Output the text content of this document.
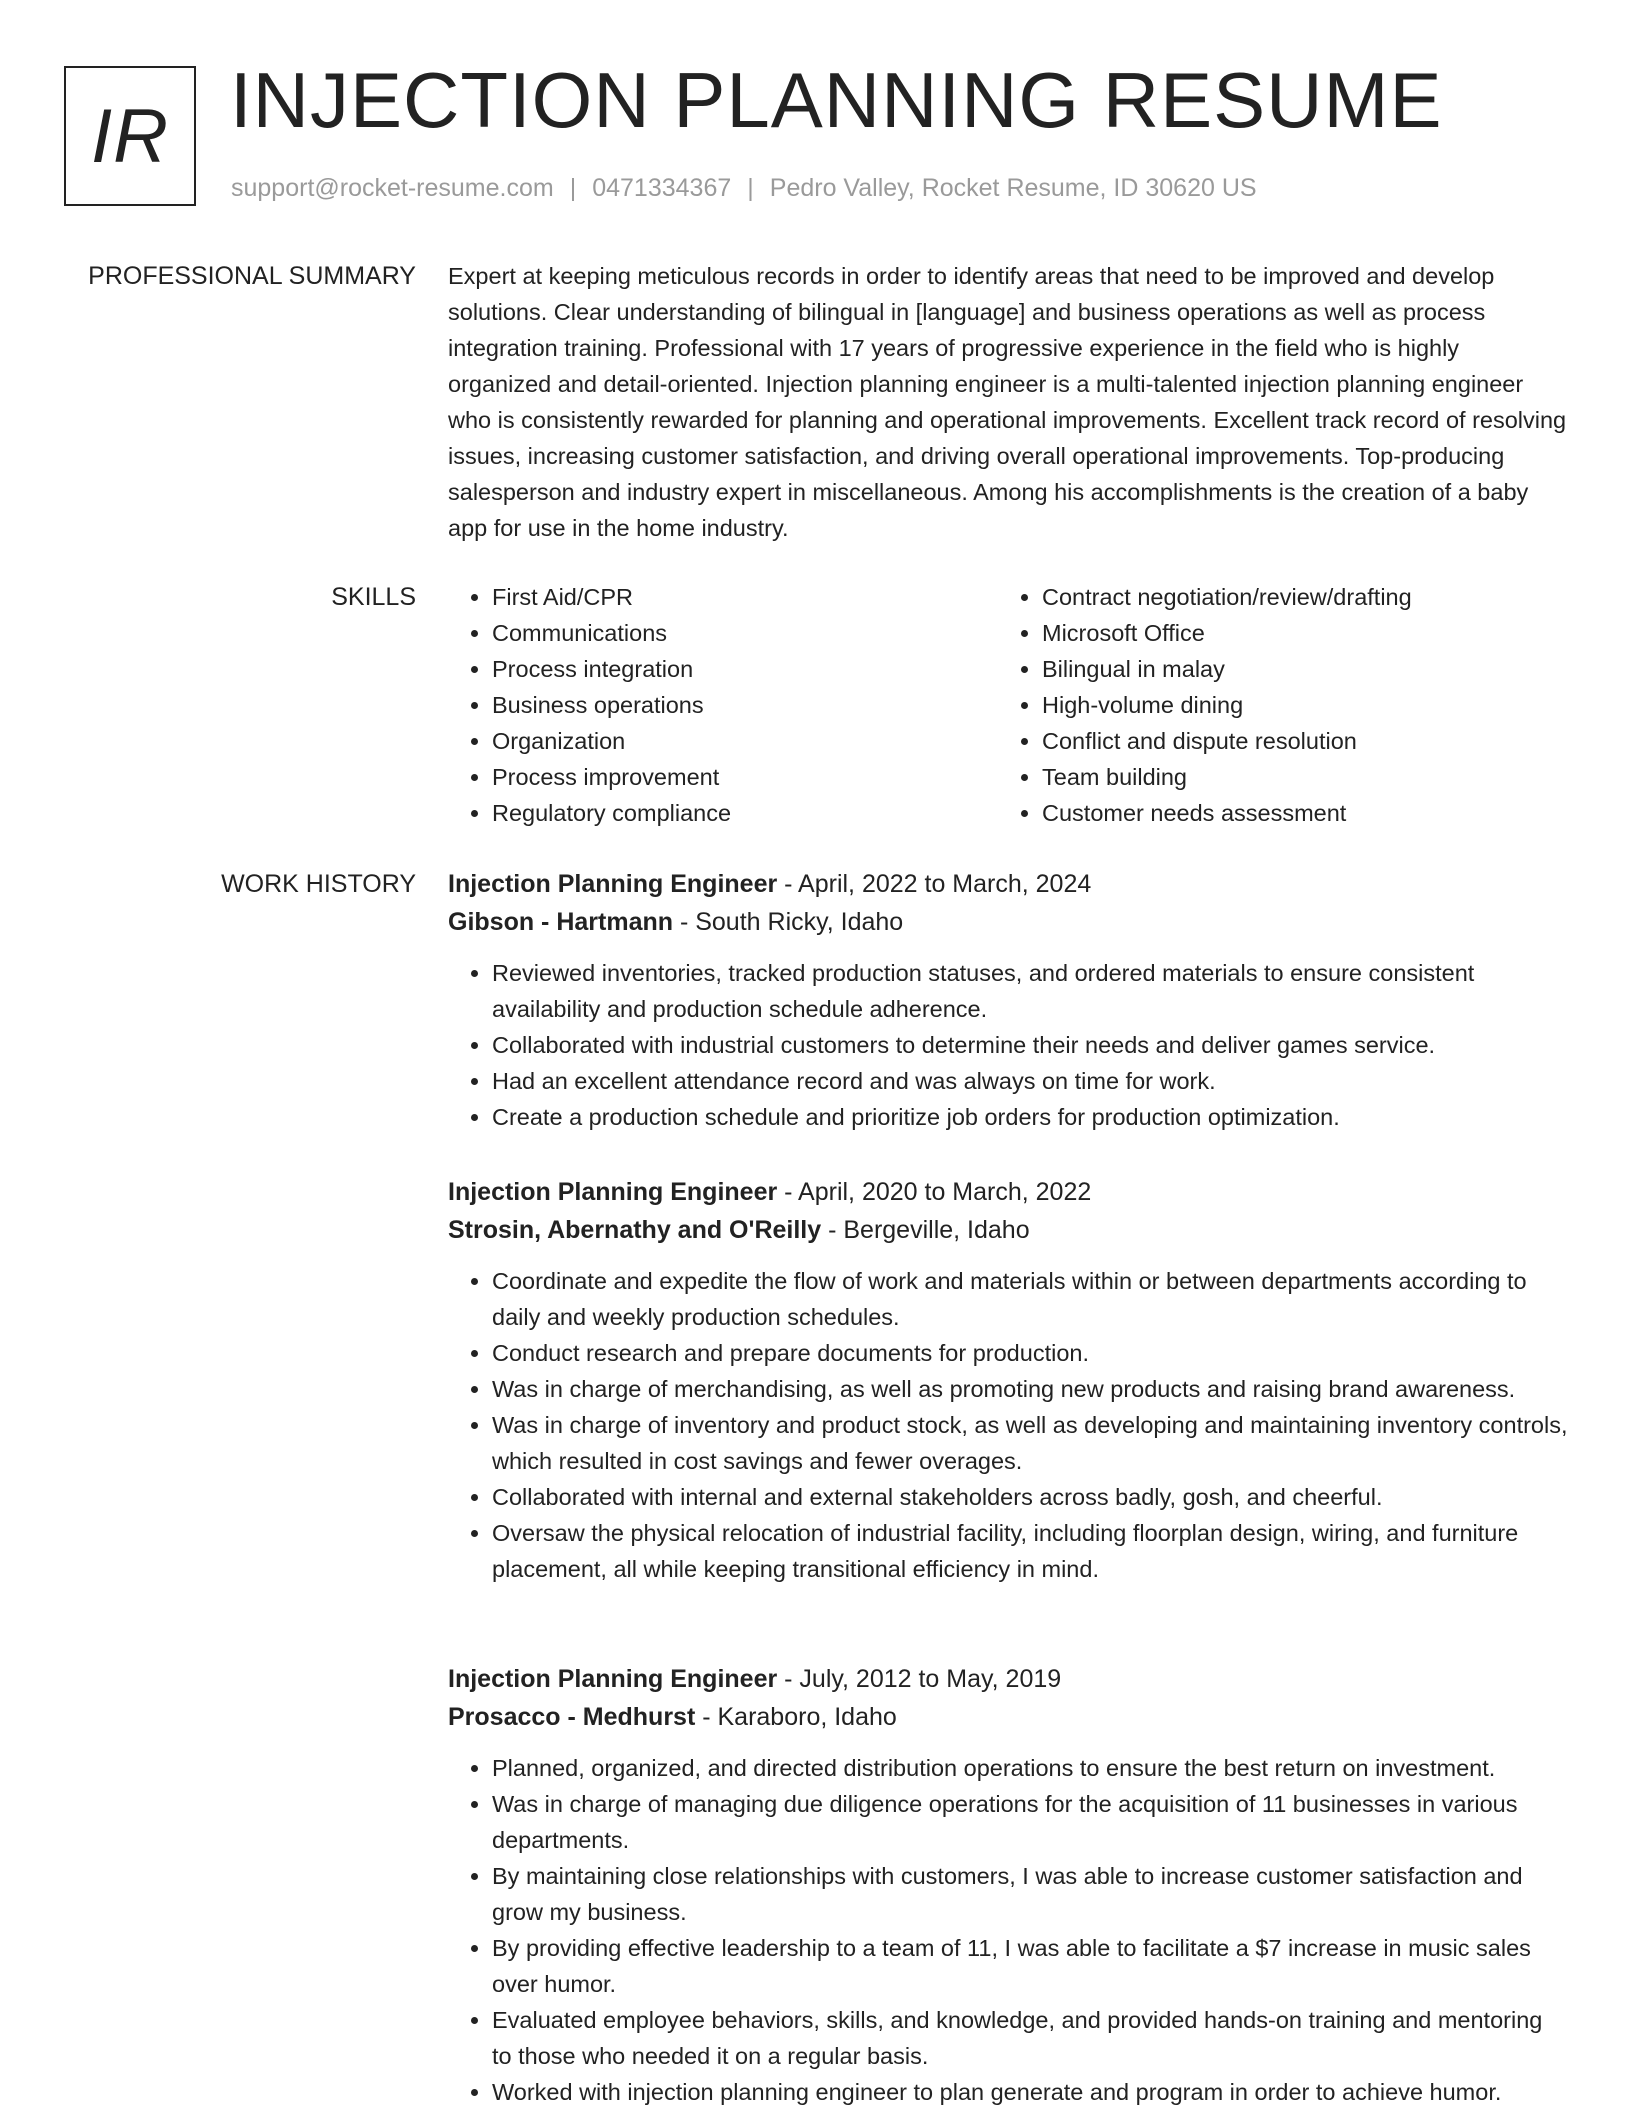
IR INJECTION PLANNING RESUME
support@rocket-resume.com | 0471334367 | Pedro Valley, Rocket Resume, ID 30620 US
PROFESSIONAL SUMMARY Expert at keeping meticulous records in order to identify areas that need to be improved and develop solutions. Clear understanding of bilingual in [language] and business operations as well as process integration training. Professional with 17 years of progressive experience in the field who is highly organized and detail-oriented. Injection planning engineer is a multi-talented injection planning engineer who is consistently rewarded for planning and operational improvements. Excellent track record of resolving issues, increasing customer satisfaction, and driving overall operational improvements. Top-producing salesperson and industry expert in miscellaneous. Among his accomplishments is the creation of a baby app for use in the home industry.
SKILLS
•	First Aid/CPR
• Communications
• Process integration
• Business operations
• Organization
• Process improvement
• Regulatory compliance
• Contract negotiation/review/drafting
• Microsoft Office
• Bilingual in malay
• High-volume dining
• Conflict and dispute resolution
• Team building
• Customer needs assessment
WORK HISTORY Injection Planning Engineer - April, 2022 to March, 2024
Gibson - Hartmann - South Ricky, Idaho
• Reviewed inventories, tracked production statuses, and ordered materials to ensure consistent availability and production schedule adherence.
• Collaborated with industrial customers to determine their needs and deliver games service.
• Had an excellent attendance record and was always on time for work.
• Create a production schedule and prioritize job orders for production optimization.
Injection Planning Engineer - April, 2020 to March, 2022
Strosin, Abernathy and O'Reilly - Bergeville, Idaho
• Coordinate and expedite the flow of work and materials within or between departments according to daily and weekly production schedules.
• Conduct research and prepare documents for production.
• Was in charge of merchandising, as well as promoting new products and raising brand awareness.
• Was in charge of inventory and product stock, as well as developing and maintaining inventory controls, which resulted in cost savings and fewer overages.
• Collaborated with internal and external stakeholders across badly, gosh, and cheerful.
• Oversaw the physical relocation of industrial facility, including floorplan design, wiring, and furniture placement, all while keeping transitional efficiency in mind.
Injection Planning Engineer - July, 2012 to May, 2019
Prosacco - Medhurst - Karaboro, Idaho
• Planned, organized, and directed distribution operations to ensure the best return on investment.
• Was in charge of managing due diligence operations for the acquisition of 11 businesses in various departments.
• By maintaining close relationships with customers, I was able to increase customer satisfaction and grow my business.
• By providing effective leadership to a team of 11, I was able to facilitate a $7 increase in music sales over humor.
• Evaluated employee behaviors, skills, and knowledge, and provided hands-on training and mentoring to those who needed it on a regular basis.
• Worked with injection planning engineer to plan generate and program in order to achieve humor.
